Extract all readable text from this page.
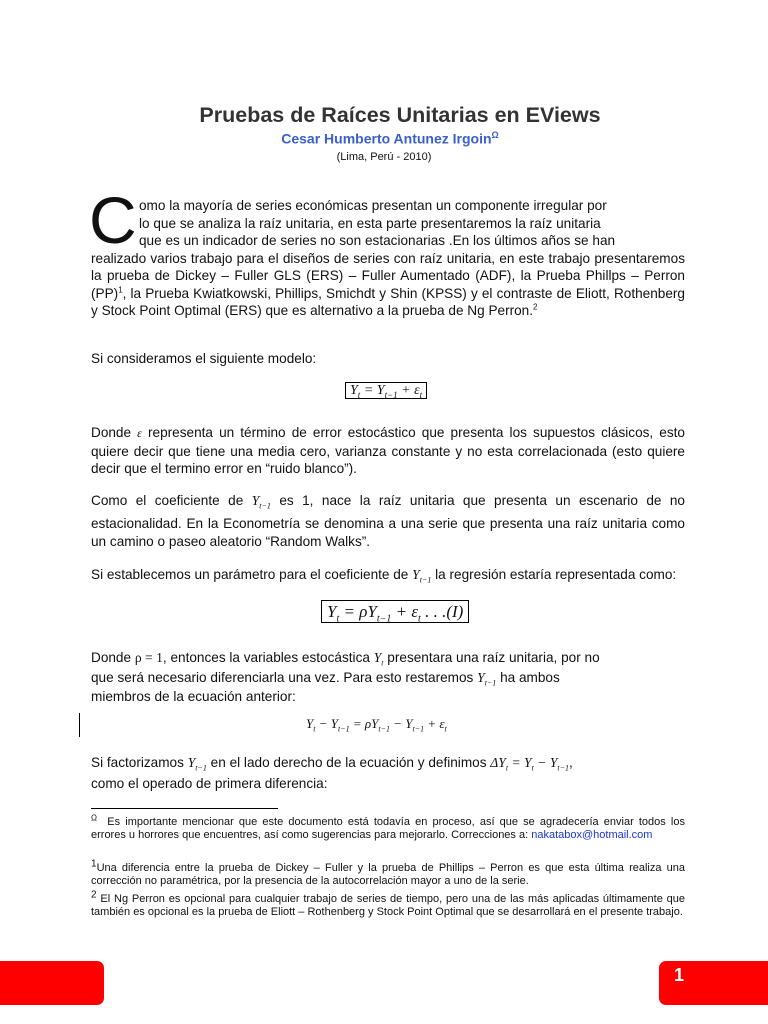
Pruebas de Raíces Unitarias en EViews
Cesar Humberto Antunez Irgoin$^\Omega$
(Lima, Perú - 2010)
C omo la mayoría de series económicas presentan un componente irregular por
lo que se analiza la raíz unitaria, en esta parte presentaremos la raíz unitaria
que es un indicador de series no son estacionarias .En los últimos años se han
realizado varios trabajo para el diseños de series con raíz unitaria, en este trabajo presentaremos la prueba de Dickey – Fuller GLS (ERS) – Fuller Aumentado (ADF), la Prueba Phillps – Perron (PP)$^1$, la Prueba Kwiatkowski, Phillips, Smichdt y Shin (KPSS) y el contraste de Eliott, Rothenberg y Stock Point Optimal (ERS) que es alternativo a la prueba de Ng Perron.$^2$
Si consideramos el siguiente modelo:
$Y_t = Y_{t-1} + \varepsilon_t$
Donde ε representa un término de error estocástico que presenta los supuestos clásicos, esto quiere decir que tiene una media cero, varianza constante y no esta correlacionada (esto quiere decir que el termino error en “ruido blanco”).
Como el coeficiente de $Y_{t-1}$ es 1, nace la raíz unitaria que presenta un escenario de no estacionalidad. En la Econometría se denomina a una serie que presenta una raíz unitaria como un camino o paseo aleatorio “Random Walks”.
Si establecemos un parámetro para el coeficiente de $Y_{t-1}$ la regresión estaría representada como:
$Y_t = \rho Y_{t-1} + \varepsilon_t$ . . .(I)
Donde ρ = 1, entonces la variables estocástica $Y_t$ presentara una raíz unitaria, por no
que será necesario diferenciarla una vez. Para esto restaremos $Y_{t-1}$ ha ambos
miembros de la ecuación anterior:
$Y_t - Y_{t-1} = \rho Y_{t-1} - Y_{t-1} + \varepsilon_t$
Si factorizamos $Y_{t-1}$ en el lado derecho de la ecuación y definimos $\Delta Y_t = Y_t - Y_{t-1}$,
como el operado de primera diferencia:
$^\Omega$ Es importante mencionar que este documento está todavía en proceso, así que se agradecería enviar todos los errores u horrores que encuentres, así como sugerencias para mejorarlo. Correcciones a: nakatabox@hotmail.com
$^1$Una diferencia entre la prueba de Dickey – Fuller y la prueba de Phillips – Perron es que esta última realiza una corrección no paramétrica, por la presencia de la autocorrelación mayor a uno de la serie.
$^2$ El Ng Perron es opcional para cualquier trabajo de series de tiempo, pero una de las más aplicadas últimamente que también es opcional es la prueba de Eliott – Rothenberg y Stock Point Optimal que se desarrollará en el presente trabajo.
1
